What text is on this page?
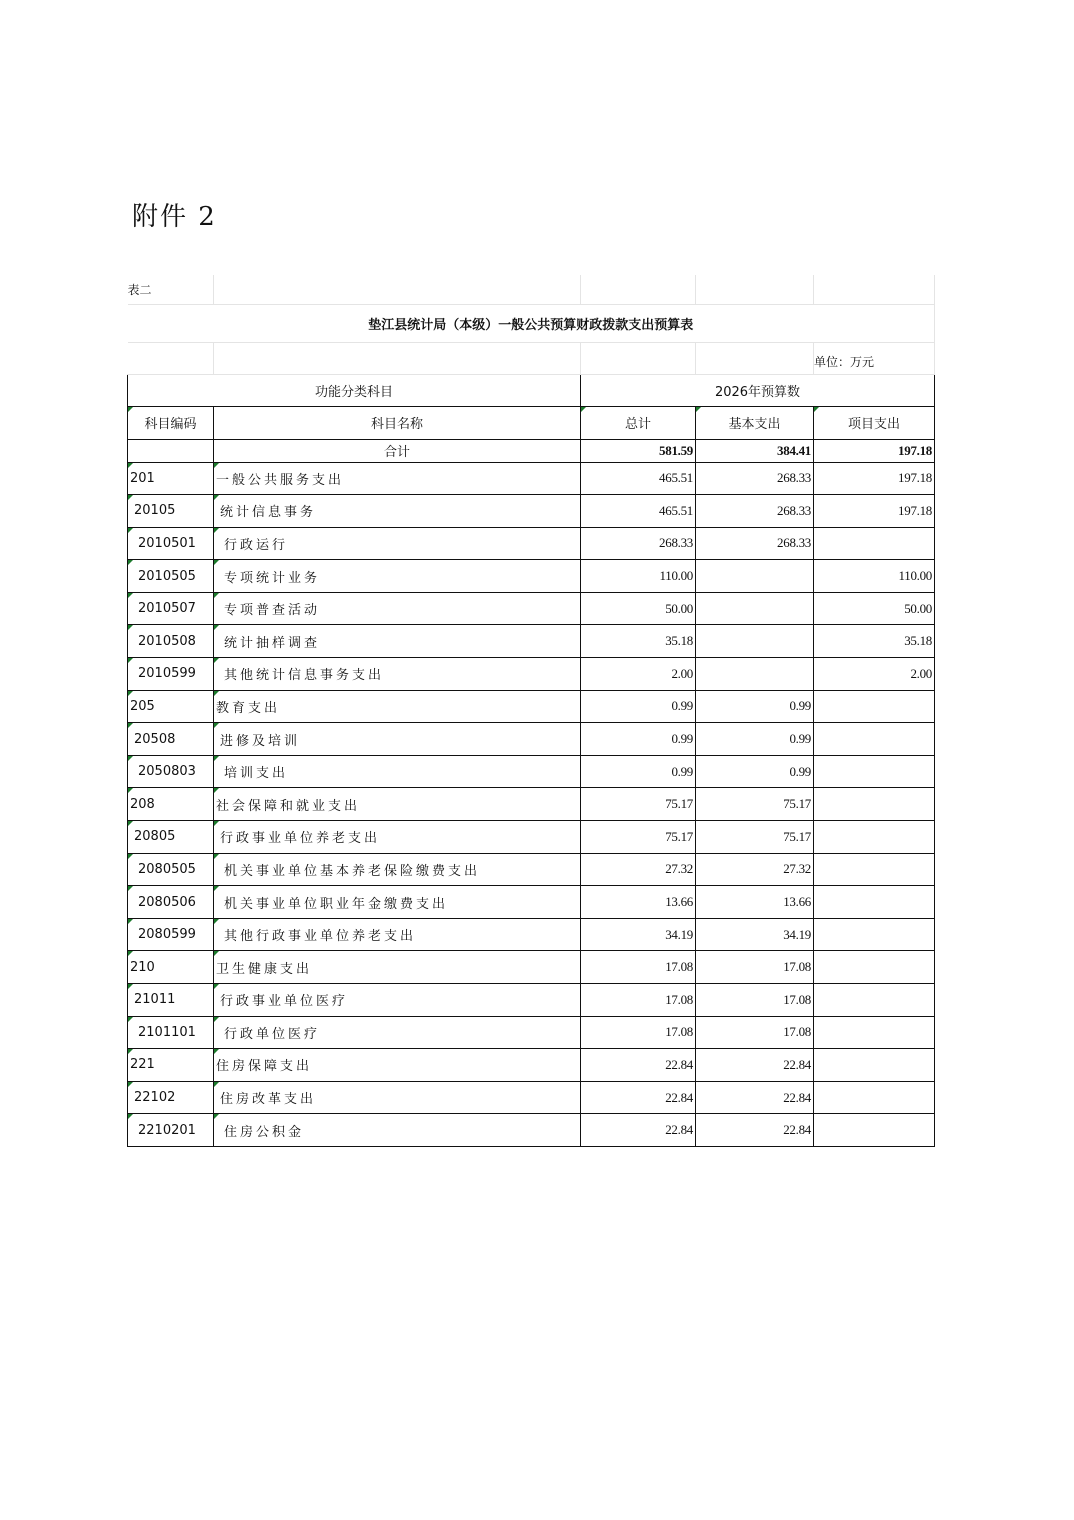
附件 2
表二				
垫江县统计局（本级）一般公共预算财政拨款支出预算表				
				单位：万元
功能分类科目		2026年预算数		
科目编码	科目名称	总计	基本支出	项目支出
	合计	581.59	384.41	197.18
201	一般公共服务支出	465.51	268.33	197.18
20105	统计信息事务	465.51	268.33	197.18
2010501	行政运行	268.33	268.33	
2010505	专项统计业务	110.00		110.00
2010507	专项普查活动	50.00		50.00
2010508	统计抽样调查	35.18		35.18
2010599	其他统计信息事务支出	2.00		2.00
205	教育支出	0.99	0.99	
20508	进修及培训	0.99	0.99	
2050803	培训支出	0.99	0.99	
208	社会保障和就业支出	75.17	75.17	
20805	行政事业单位养老支出	75.17	75.17	
2080505	机关事业单位基本养老保险缴费支出	27.32	27.32	
2080506	机关事业单位职业年金缴费支出	13.66	13.66	
2080599	其他行政事业单位养老支出	34.19	34.19	
210	卫生健康支出	17.08	17.08	
21011	行政事业单位医疗	17.08	17.08	
2101101	行政单位医疗	17.08	17.08	
221	住房保障支出	22.84	22.84	
22102	住房改革支出	22.84	22.84	
2210201	住房公积金	22.84	22.84	
